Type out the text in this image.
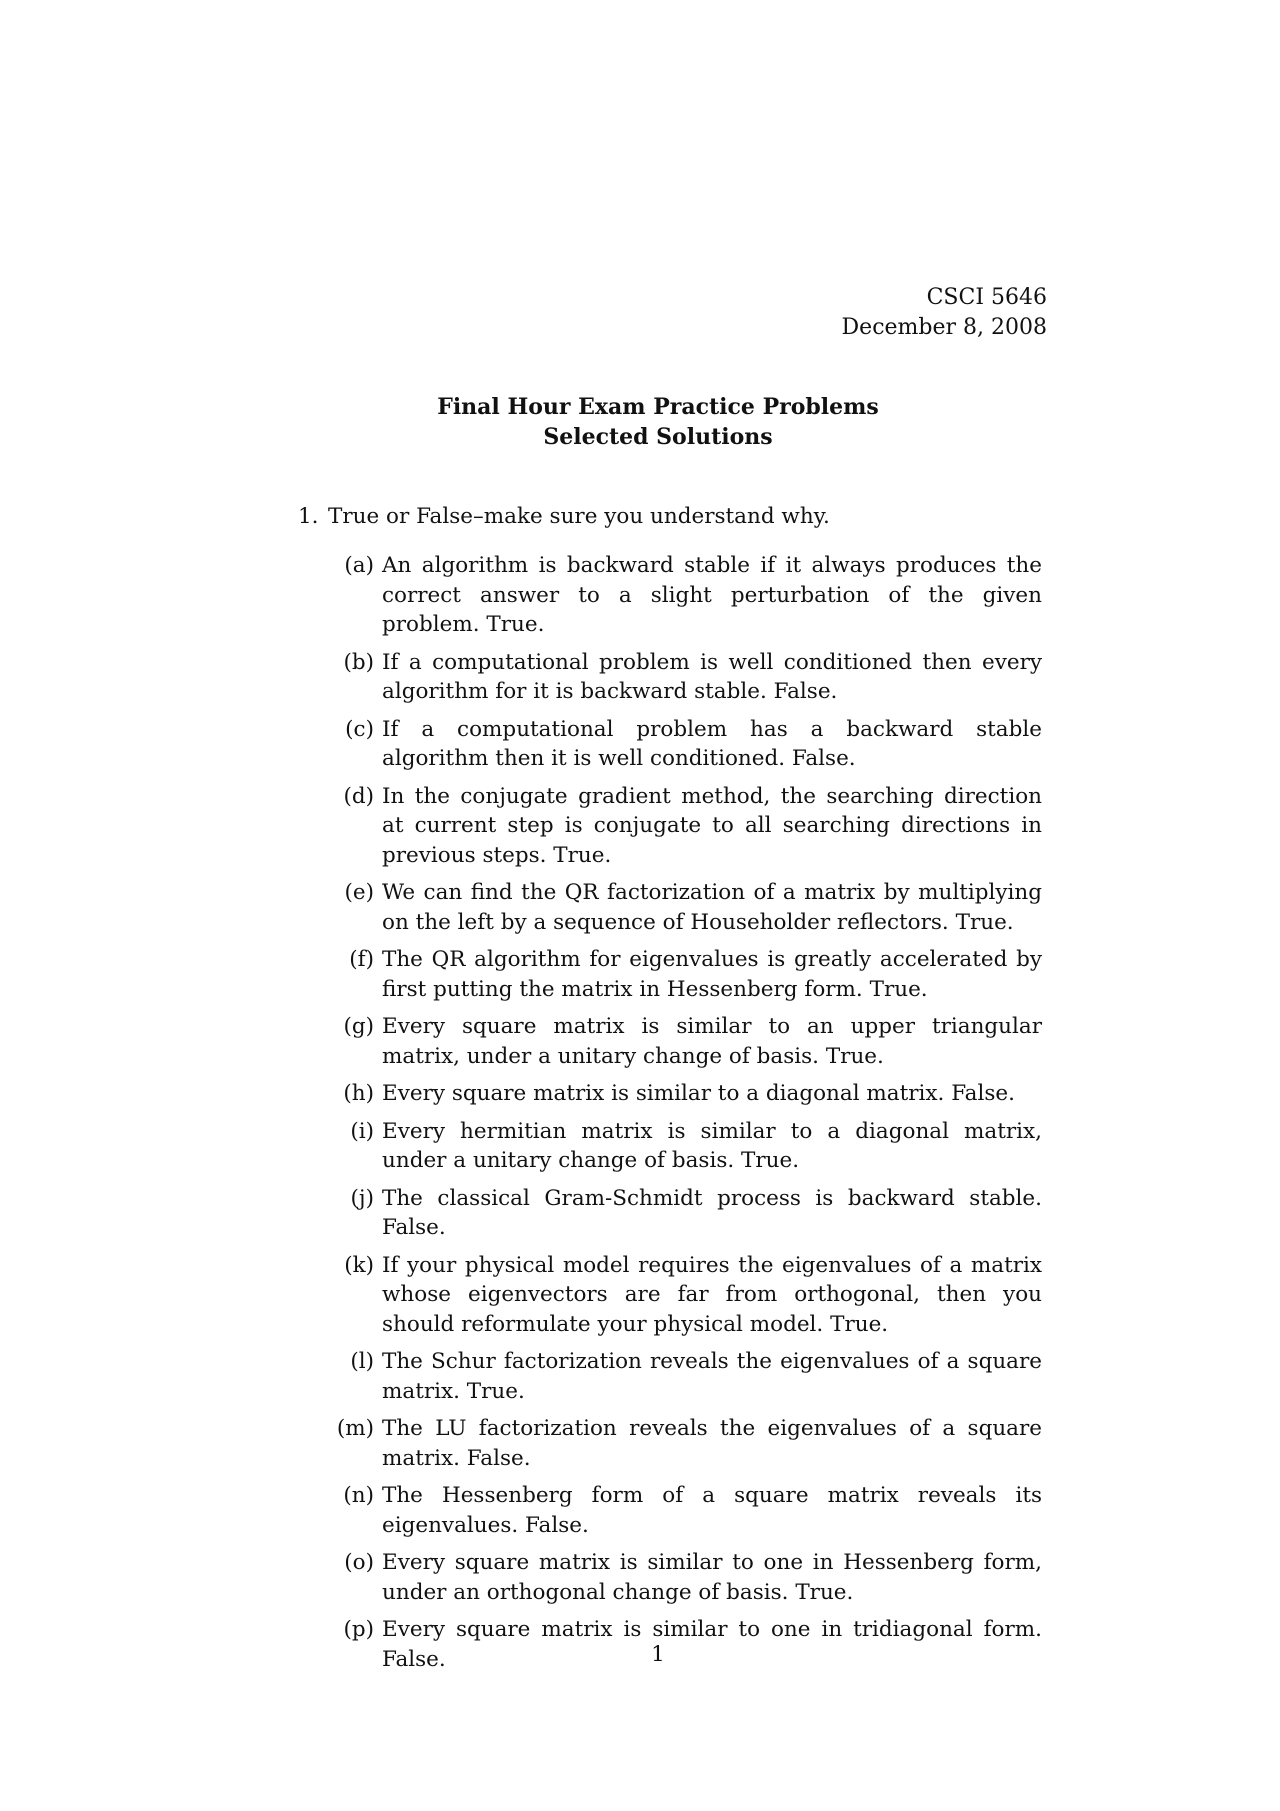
CSCI 5646
December 8, 2008
Final Hour Exam Practice Problems
Selected Solutions
1. True or False–make sure you understand why.
(a) An algorithm is backward stable if it always produces the correct answer to a slight perturbation of the given problem. True.
(b) If a computational problem is well conditioned then every algorithm for it is backward stable. False.
(c) If a computational problem has a backward stable algorithm then it is well conditioned. False.
(d) In the conjugate gradient method, the searching direction at current step is conjugate to all searching directions in previous steps. True.
(e) We can find the QR factorization of a matrix by multiplying on the left by a sequence of Householder reflectors. True.
(f) The QR algorithm for eigenvalues is greatly accelerated by first putting the matrix in Hessenberg form. True.
(g) Every square matrix is similar to an upper triangular matrix, under a unitary change of basis. True.
(h) Every square matrix is similar to a diagonal matrix. False.
(i) Every hermitian matrix is similar to a diagonal matrix, under a unitary change of basis. True.
(j) The classical Gram-Schmidt process is backward stable. False.
(k) If your physical model requires the eigenvalues of a matrix whose eigenvectors are far from orthogonal, then you should reformulate your physical model. True.
(l) The Schur factorization reveals the eigenvalues of a square matrix. True.
(m) The LU factorization reveals the eigenvalues of a square matrix. False.
(n) The Hessenberg form of a square matrix reveals its eigenvalues. False.
(o) Every square matrix is similar to one in Hessenberg form, under an orthogonal change of basis. True.
(p) Every square matrix is similar to one in tridiagonal form. False.	1
